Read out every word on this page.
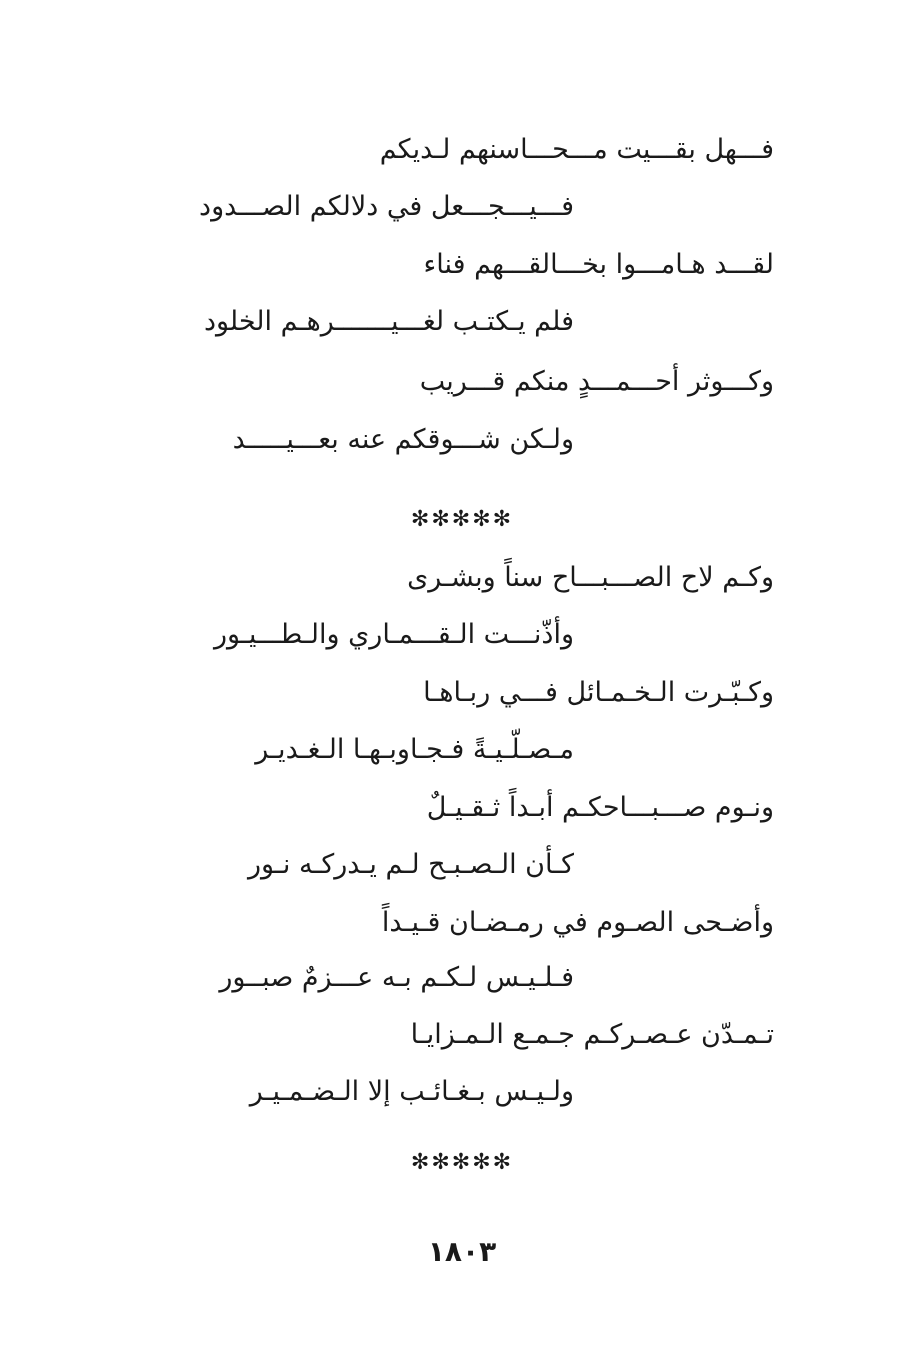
فـــهل بقـــيت مـــحـــاسنهم لـديكم
فـــيـــجـــعل في دلالكم الصـــدود
لقـــد هـامـــوا بخـــالقـــهم فناء
فلم يـكتـب لغـــيـــــــرهـم الخلود
وكـــوثر أحـــمـــدٍ منكم قـــريب
ولـكن شـــوقكم عنه بعـــيـــــد
✻✻✻✻✻
وكـم لاح الصـــبـــاح سناً وبشـرى
وأذّنـــت الـقـــمـاري والـطـــيـور
وكـبّـرت الـخـمـائل فـــي ربـاهـا
مـصـلّـيـةً فـجـاوبـهـا الـغـديـر
ونـوم صـــبـــاحكـم أبـداً ثـقـيـلٌ
كـأن الـصـبـح لـم يـدركـه نـور
وأضـحى الصـوم في رمـضـان قـيـداً
فـلـيـس لـكـم بـه عـــزمٌ صبــور
تـمـدّن عـصـركـم جـمـع الـمـزايـا
ولـيـس بـغـائـب إلا الـضـمـيـر
✻✻✻✻✻
١٨٠٣
